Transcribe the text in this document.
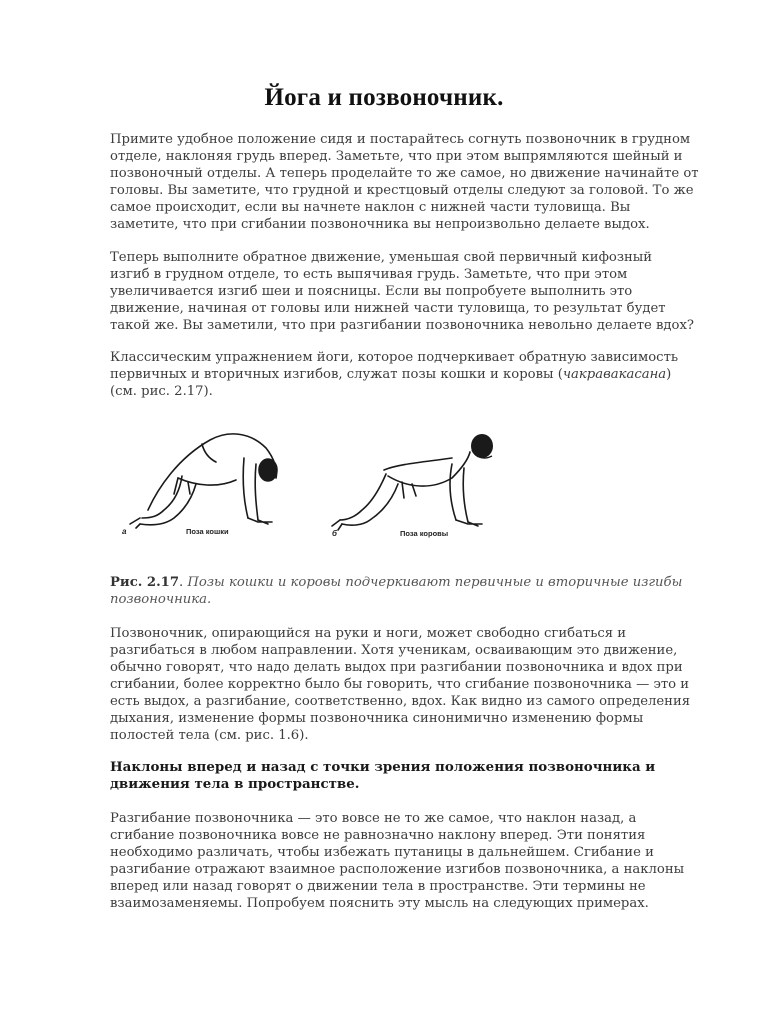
Йога и позвоночник.

Примите удобное положение сидя и постарайтесь согнуть позвоночник в грудном
отделе, наклоняя грудь вперед. Заметьте, что при этом выпрямляются шейный и
позвоночный отделы. А теперь проделайте то же самое, но движение начинайте от
головы. Вы заметите, что грудной и крестцовый отделы следуют за головой. То же
самое происходит, если вы начнете наклон с нижней части туловища. Вы
заметите, что при сгибании позвоночника вы непроизвольно делаете выдох.

Теперь выполните обратное движение, уменьшая свой первичный кифозный
изгиб в грудном отделе, то есть выпячивая грудь. Заметьте, что при этом
увеличивается изгиб шеи и поясницы. Если вы попробуете выполнить это
движение, начиная от головы или нижней части туловища, то результат будет
такой же. Вы заметили, что при разгибании позвоночника невольно делаете вдох?

Классическим упражнением йоги, которое подчеркивает обратную зависимость
первичных и вторичных изгибов, служат позы кошки и коровы (чакравакасана)
(см. рис. 2.17).

а	Поза кошки	б	Поза коровы

Рис. 2.17. Позы кошки и коровы подчеркивают первичные и вторичные изгибы
позвоночника.

Позвоночник, опирающийся на руки и ноги, может свободно сгибаться и
разгибаться в любом направлении. Хотя ученикам, осваивающим это движение,
обычно говорят, что надо делать выдох при разгибании позвоночника и вдох при
сгибании, более корректно было бы говорить, что сгибание позвоночника — это и
есть выдох, а разгибание, соответственно, вдох. Как видно из самого определения
дыхания, изменение формы позвоночника синонимично изменению формы
полостей тела (см. рис. 1.6).

Наклоны вперед и назад с точки зрения положения позвоночника и
движения тела в пространстве.

Разгибание позвоночника — это вовсе не то же самое, что наклон назад, а
сгибание позвоночника вовсе не равнозначно наклону вперед. Эти понятия
необходимо различать, чтобы избежать путаницы в дальнейшем. Сгибание и
разгибание отражают взаимное расположение изгибов позвоночника, а наклоны
вперед или назад говорят о движении тела в пространстве. Эти термины не
взаимозаменяемы. Попробуем пояснить эту мысль на следующих примерах.
